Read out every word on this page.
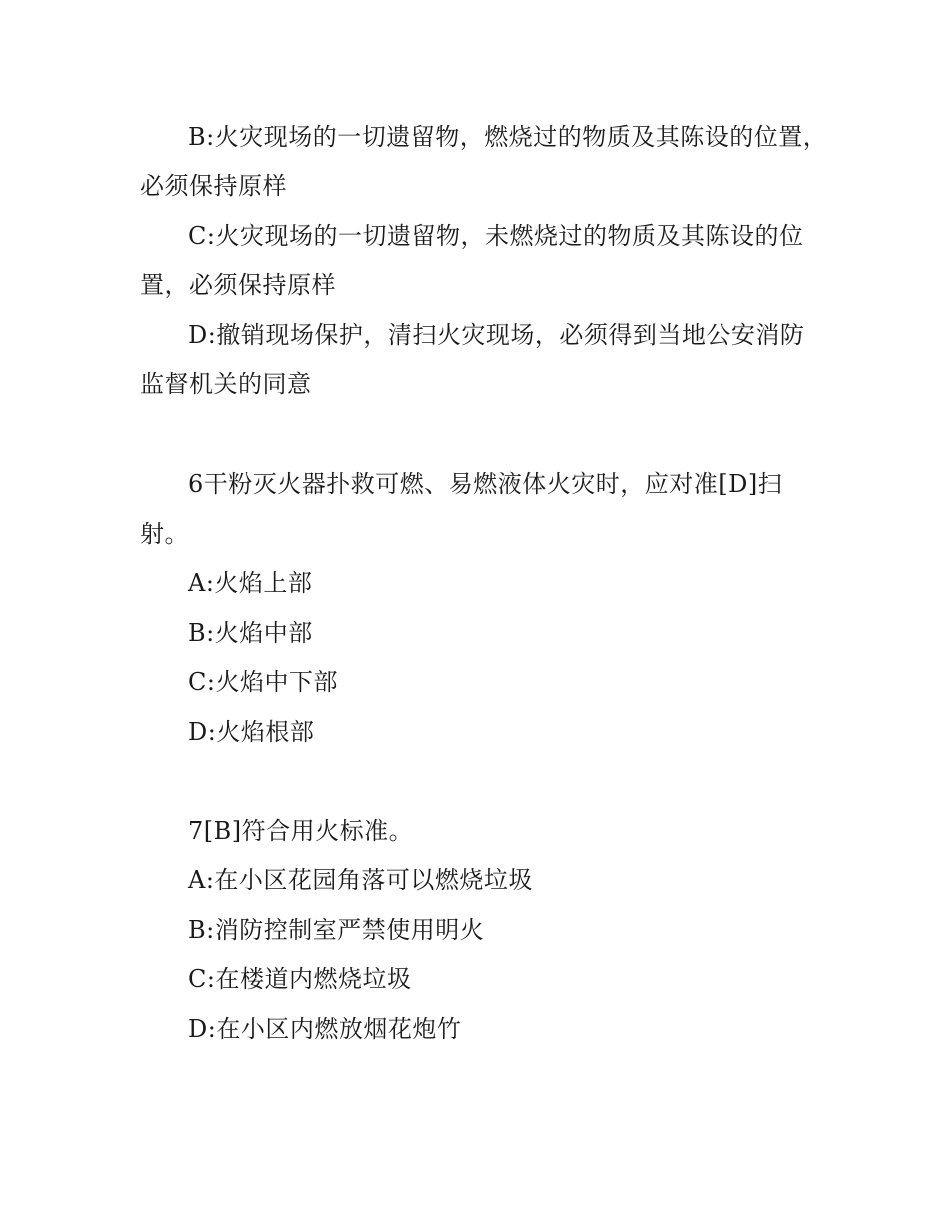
B:火灾现场的一切遗留物，燃烧过的物质及其陈设的位置，
必须保持原样
C:火灾现场的一切遗留物，未燃烧过的物质及其陈设的位
置，必须保持原样
D:撤销现场保护，清扫火灾现场，必须得到当地公安消防
监督机关的同意
6干粉灭火器扑救可燃、易燃液体火灾时，应对准[D]扫
射。
A:火焰上部
B:火焰中部
C:火焰中下部
D:火焰根部
7[B]符合用火标准。
A:在小区花园角落可以燃烧垃圾
B:消防控制室严禁使用明火
C:在楼道内燃烧垃圾
D:在小区内燃放烟花炮竹
